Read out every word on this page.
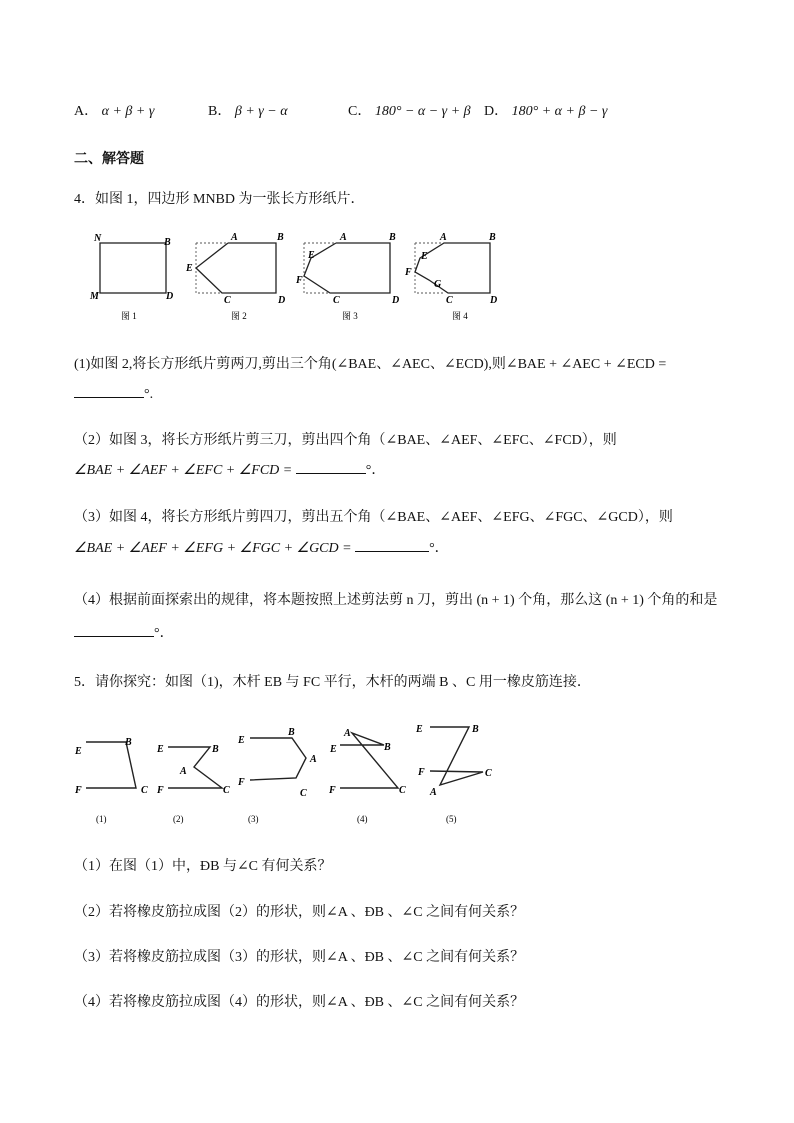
A． α + β + γ	B． β + γ − α	C． 180° − α − γ + β D． 180° + α + β − γ
二、解答题
4．如图 1，四边形 MNBD 为一张长方形纸片．
N	B
M	D
图 1
A	B
E
C	D
图 2
A	B
E
F
C	D
图 3
A	B
E
F
G
C	D
图 4
(1)如图 2,将长方形纸片剪两刀,剪出三个角(∠BAE、∠AEC、∠ECD),则∠BAE + ∠AEC + ∠ECD =
°.
（2）如图 3，将长方形纸片剪三刀，剪出四个角（∠BAE、∠AEF、∠EFC、∠FCD），则
∠BAE + ∠AEF + ∠EFC + ∠FCD =	°．
（3）如图 4，将长方形纸片剪四刀，剪出五个角（∠BAE、∠AEF、∠EFG、∠FGC、∠GCD），则
∠BAE + ∠AEF + ∠EFG + ∠FGC + ∠GCD =	°．
（4）根据前面探索出的规律，将本题按照上述剪法剪 n 刀，剪出 (n + 1) 个角，那么这 (n + 1) 个角的和是
°．
5．请你探究：如图（1)，木杆 EB 与 FC 平行，木杆的两端 B 、C 用一橡皮筋连接．
E
B
F	C
(1)
E	B
A
F	C
(2)
E
B
A
F
C
(3)
A
E	B
F	C
(4)
E	B
F	C
A
(5)
（1）在图（1）中，ÐB 与∠C 有何关系？
（2）若将橡皮筋拉成图（2）的形状，则∠A 、ÐB 、∠C 之间有何关系？
（3）若将橡皮筋拉成图（3）的形状，则∠A 、ÐB 、∠C 之间有何关系？
（4）若将橡皮筋拉成图（4）的形状，则∠A 、ÐB 、∠C 之间有何关系？
